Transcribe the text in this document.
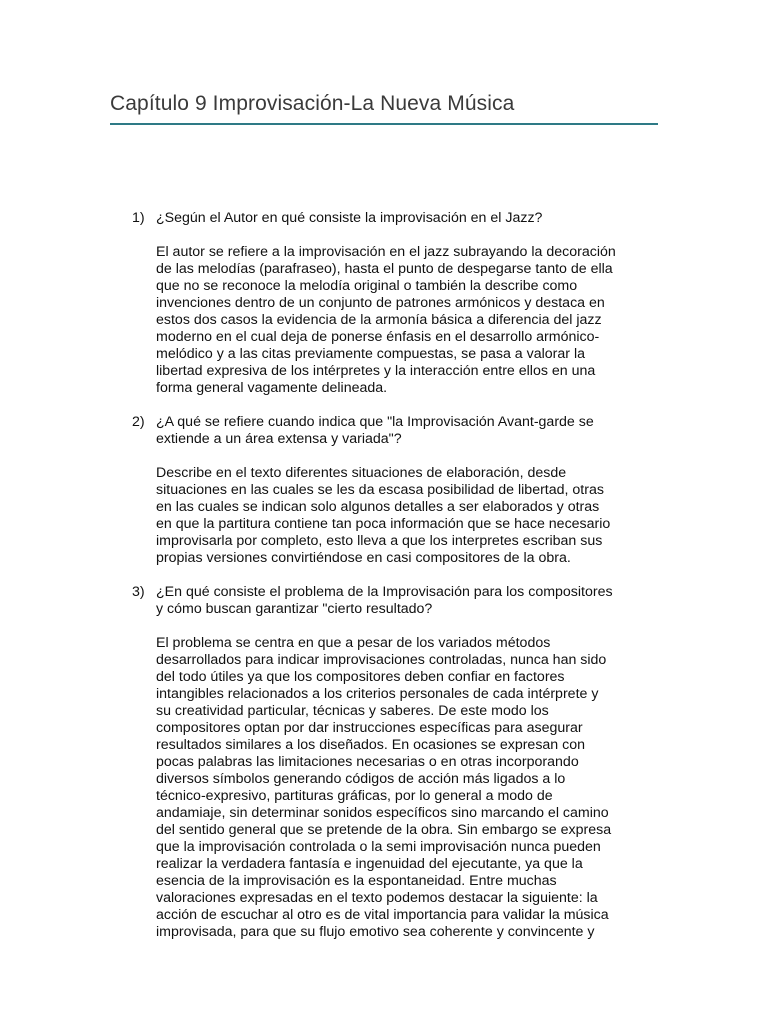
Capítulo 9 Improvisación-La Nueva Música
1) ¿Según el Autor en qué consiste la improvisación en el Jazz?

El autor se refiere a la improvisación en el jazz subrayando la decoración
de las melodías (parafraseo), hasta el punto de despegarse tanto de ella
que no se reconoce la melodía original o también la describe como
invenciones dentro de un conjunto de patrones armónicos y destaca en
estos dos casos la evidencia de la armonía básica a diferencia del jazz
moderno en el cual deja de ponerse énfasis en el desarrollo armónico-
melódico y a las citas previamente compuestas, se pasa a valorar la
libertad expresiva de los intérpretes y la interacción entre ellos en una
forma general vagamente delineada.

2) ¿A qué se refiere cuando indica que "la Improvisación Avant-garde se
extiende a un área extensa y variada"?

Describe en el texto diferentes situaciones de elaboración, desde
situaciones en las cuales se les da escasa posibilidad de libertad, otras
en las cuales se indican solo algunos detalles a ser elaborados y otras
en que la partitura contiene tan poca información que se hace necesario
improvisarla por completo, esto lleva a que los interpretes escriban sus
propias versiones convirtiéndose en casi compositores de la obra.

3) ¿En qué consiste el problema de la Improvisación para los compositores
y cómo buscan garantizar "cierto resultado?

El problema se centra en que a pesar de los variados métodos
desarrollados para indicar improvisaciones controladas, nunca han sido
del todo útiles ya que los compositores deben confiar en factores
intangibles relacionados a los criterios personales de cada intérprete y
su creatividad particular, técnicas y saberes. De este modo los
compositores optan por dar instrucciones específicas para asegurar
resultados similares a los diseñados. En ocasiones se expresan con
pocas palabras las limitaciones necesarias o en otras incorporando
diversos símbolos generando códigos de acción más ligados a lo
técnico-expresivo, partituras gráficas, por lo general a modo de
andamiaje, sin determinar sonidos específicos sino marcando el camino
del sentido general que se pretende de la obra. Sin embargo se expresa
que la improvisación controlada o la semi improvisación nunca pueden
realizar la verdadera fantasía e ingenuidad del ejecutante, ya que la
esencia de la improvisación es la espontaneidad. Entre muchas
valoraciones expresadas en el texto podemos destacar la siguiente: la
acción de escuchar al otro es de vital importancia para validar la música
improvisada, para que su flujo emotivo sea coherente y convincente y
